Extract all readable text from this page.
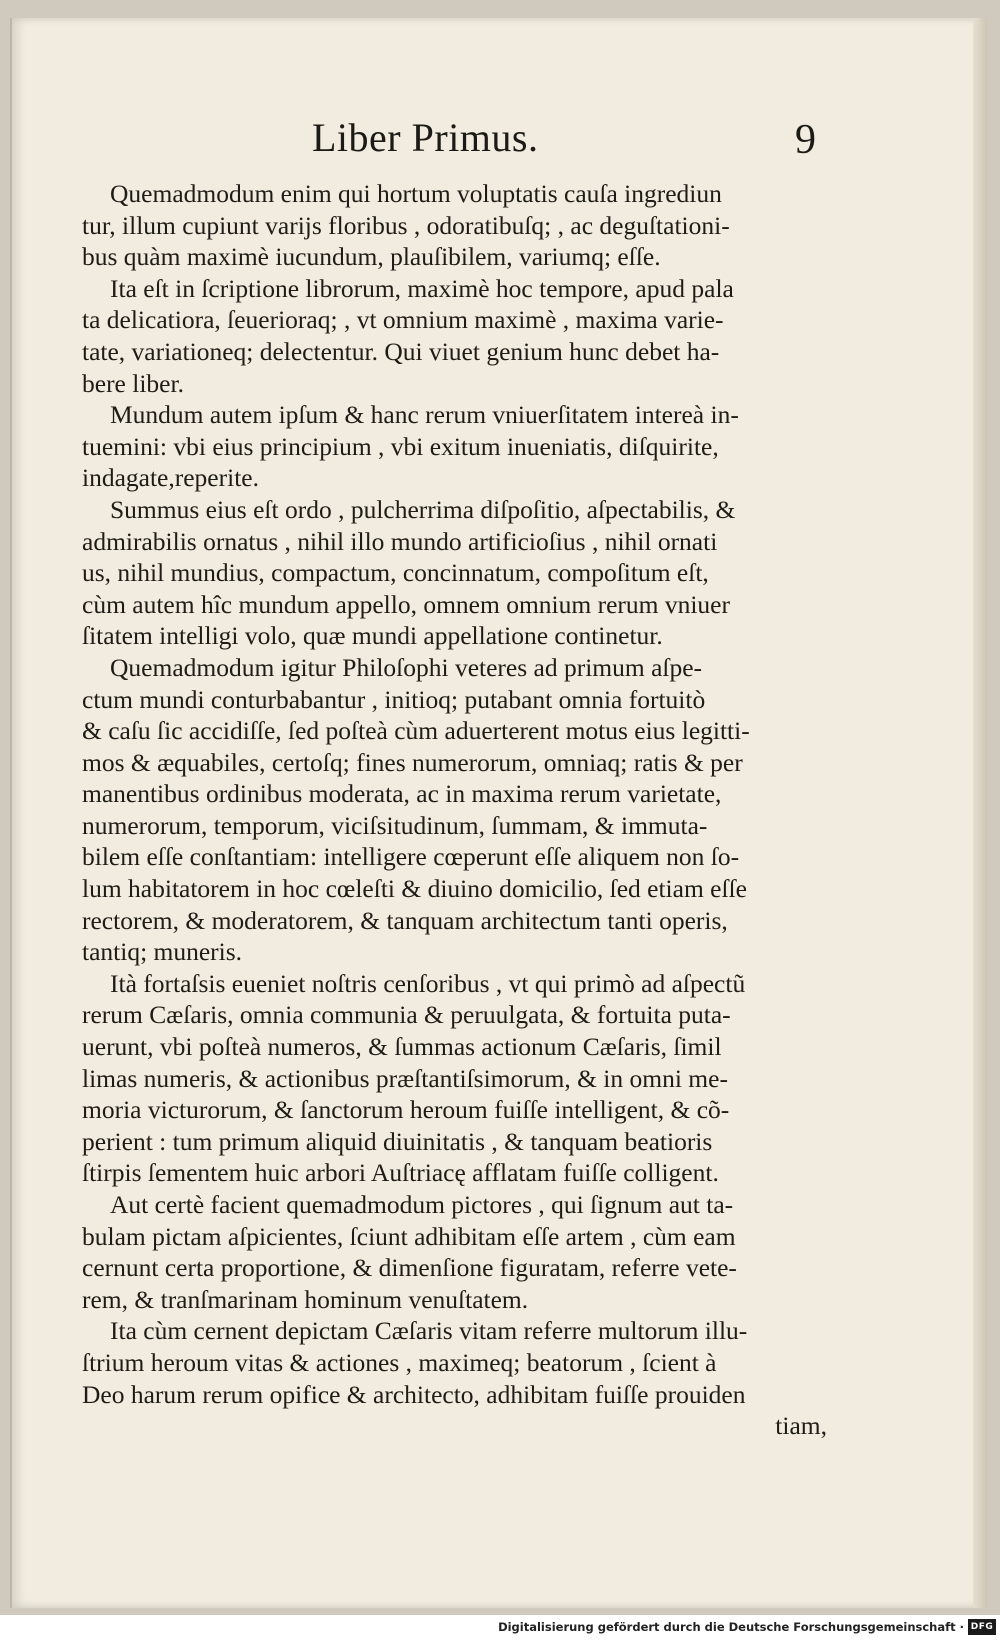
Liber Primus.	9
Quemadmodum enim qui hortum voluptatis cauſa ingrediun
tur, illum cupiunt varijs floribus , odoratibuſq; , ac deguſtationi-
bus quàm maximè iucundum, plauſibilem, variumq; eſſe.
Ita eſt in ſcriptione librorum, maximè hoc tempore, apud pala
ta delicatiora, ſeuerioraq; , vt omnium maximè , maxima varie-
tate, variationeq; delectentur. Qui viuet genium hunc debet ha-
bere liber.
Mundum autem ipſum & hanc rerum vniuerſitatem intereà in-
tuemini: vbi eius principium , vbi exitum inueniatis, diſquirite,
indagate,reperite.
Summus eius eſt ordo , pulcherrima diſpoſitio, aſpectabilis, &
admirabilis ornatus , nihil illo mundo artificioſius , nihil ornati
us, nihil mundius, compactum, concinnatum, compoſitum eſt,
cùm autem hîc mundum appello, omnem omnium rerum vniuer
ſitatem intelligi volo, quæ mundi appellatione continetur.
Quemadmodum igitur Philoſophi veteres ad primum aſpe-
ctum mundi conturbabantur , initioq; putabant omnia fortuitò
& caſu ſic accidiſſe, ſed poſteà cùm aduerterent motus eius legitti-
mos & æquabiles, certoſq; fines numerorum, omniaq; ratis & per
manentibus ordinibus moderata, ac in maxima rerum varietate,
numerorum, temporum, viciſsitudinum, ſummam, & immuta-
bilem eſſe conſtantiam: intelligere cœperunt eſſe aliquem non ſo-
lum habitatorem in hoc cœleſti & diuino domicilio, ſed etiam eſſe
rectorem, & moderatorem, & tanquam architectum tanti operis,
tantiq; muneris.
Ità fortaſsis eueniet noſtris cenſoribus , vt qui primò ad aſpectũ
rerum Cæſaris, omnia communia & peruulgata, & fortuita puta-
uerunt, vbi poſteà numeros, & ſummas actionum Cæſaris, ſimil
limas numeris, & actionibus præſtantiſsimorum, & in omni me-
moria victurorum, & ſanctorum heroum fuiſſe intelligent, & cõ-
perient : tum primum aliquid diuinitatis , & tanquam beatioris
ſtirpis ſementem huic arbori Auſtriacę afflatam fuiſſe colligent.
Aut certè facient quemadmodum pictores , qui ſignum aut ta-
bulam pictam aſpicientes, ſciunt adhibitam eſſe artem , cùm eam
cernunt certa proportione, & dimenſione figuratam, referre vete-
rem, & tranſmarinam hominum venuſtatem.
Ita cùm cernent depictam Cæſaris vitam referre multorum illu-
ſtrium heroum vitas & actiones , maximeq; beatorum , ſcient à
Deo harum rerum opifice & architecto, adhibitam fuiſſe prouiden
tiam,
Digitalisierung gefördert durch die Deutsche Forschungsgemeinschaft · DFG
